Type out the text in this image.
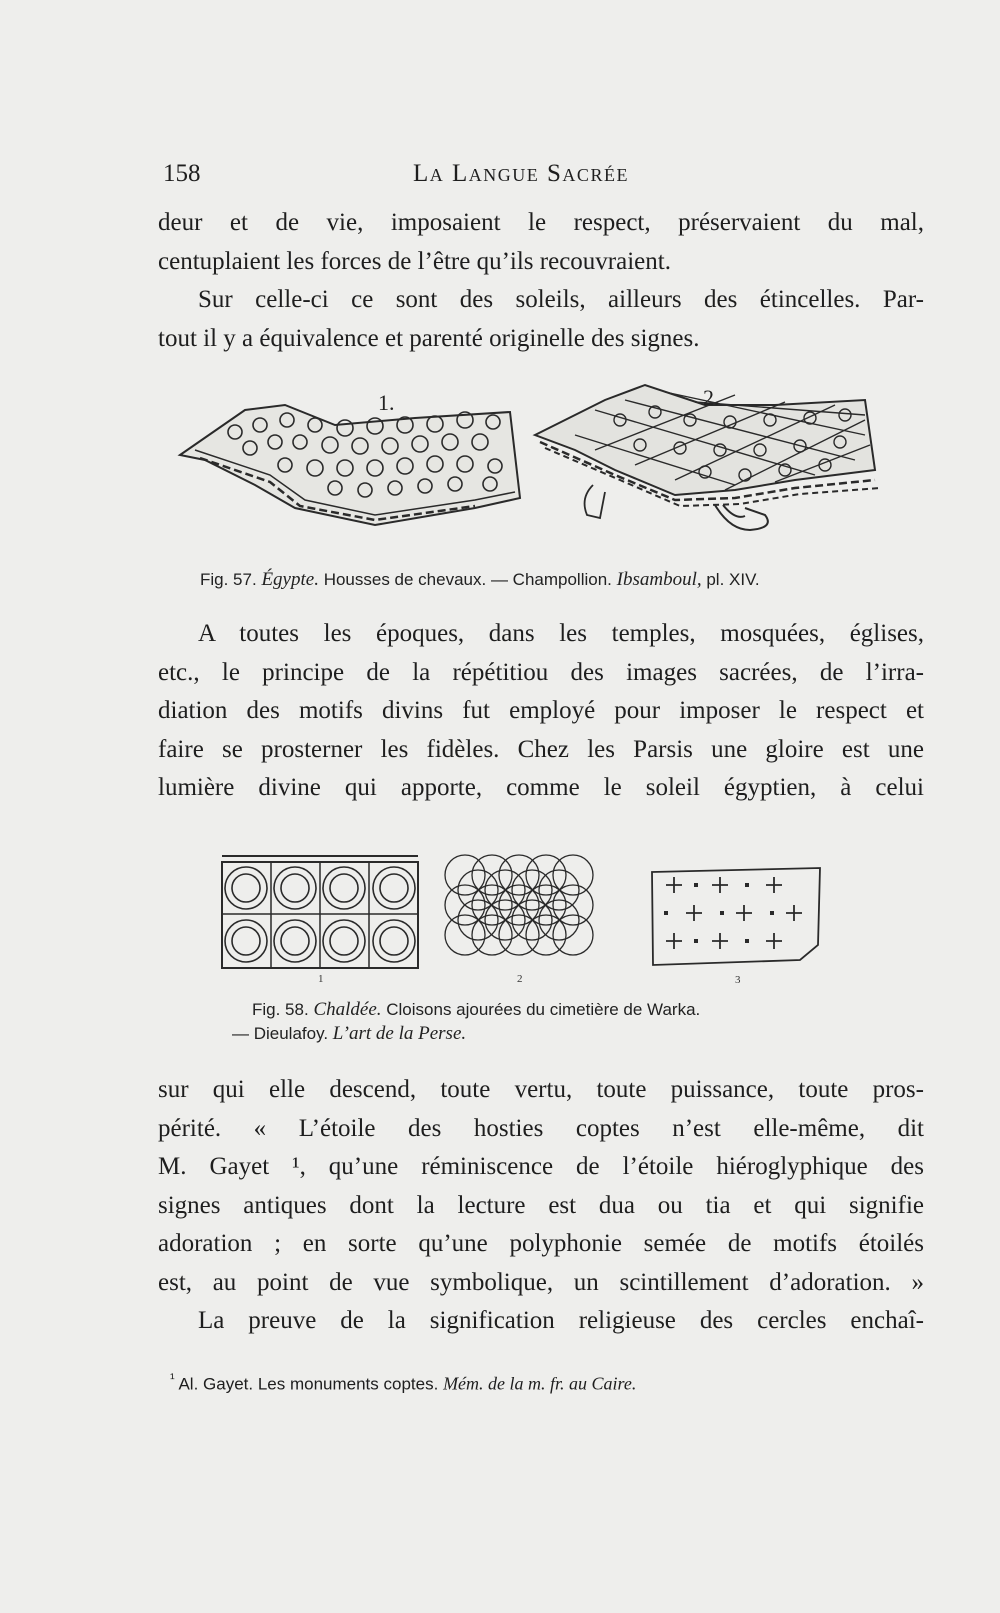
158	La Langue Sacrée
deur et de vie, imposaient le respect, préservaient du mal,
centuplaient les forces de l’être qu’ils recouvraient.
Sur celle-ci ce sont des soleils, ailleurs des étincelles. Par-
tout il y a équivalence et parenté originelle des signes.
1.	2.
Fig. 57. Égypte. Housses de chevaux. — Champollion. Ibsamboul, pl. XIV.
A toutes les époques, dans les temples, mosquées, églises,
etc., le principe de la répétitiou des images sacrées, de l’irra-
diation des motifs divins fut employé pour imposer le respect et
faire se prosterner les fidèles. Chez les Parsis une gloire est une
lumière divine qui apporte, comme le soleil égyptien, à celui
1	2	3
Fig. 58. Chaldée. Cloisons ajourées du cimetière de Warka.
— Dieulafoy. L’art de la Perse.
sur qui elle descend, toute vertu, toute puissance, toute pros-
périté. « L’étoile des hosties coptes n’est elle-même, dit
M. Gayet ¹, qu’une réminiscence de l’étoile hiéroglyphique des
signes antiques dont la lecture est dua ou tia et qui signifie
adoration ; en sorte qu’une polyphonie semée de motifs étoilés
est, au point de vue symbolique, un scintillement d’adoration. »
La preuve de la signification religieuse des cercles enchaî-
$^{^1}$ Al. Gayet. Les monuments coptes. Mém. de la m. fr. au Caire.
